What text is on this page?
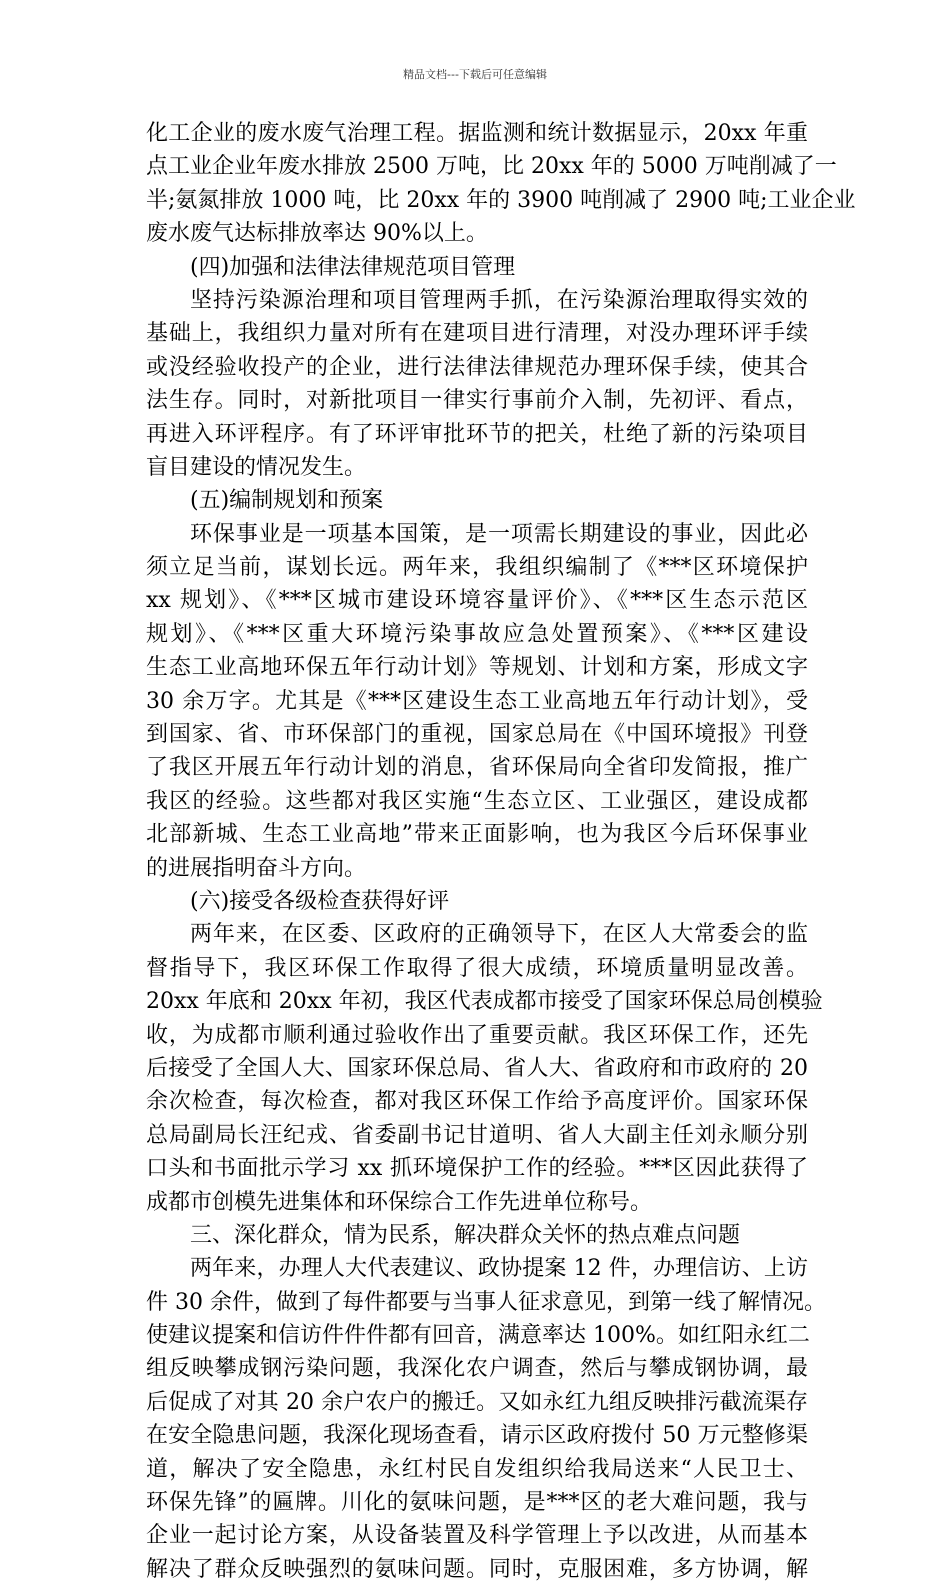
精品文档---下载后可任意编辑
化工企业的废水废气治理工程。据监测和统计数据显示，20xx 年重
点工业企业年废水排放 2500 万吨，比 20xx 年的 5000 万吨削减了一
半;氨氮排放 1000 吨，比 20xx 年的 3900 吨削减了 2900 吨;工业企业
废水废气达标排放率达 90%以上。
(四)加强和法律法律规范项目管理
坚持污染源治理和项目管理两手抓，在污染源治理取得实效的
基础上，我组织力量对所有在建项目进行清理，对没办理环评手续
或没经验收投产的企业，进行法律法律规范办理环保手续，使其合
法生存。同时，对新批项目一律实行事前介入制，先初评、看点，
再进入环评程序。有了环评审批环节的把关，杜绝了新的污染项目
盲目建设的情况发生。
(五)编制规划和预案
环保事业是一项基本国策，是一项需长期建设的事业，因此必
须立足当前，谋划长远。两年来，我组织编制了《***区环境保护
xx 规划》、《***区城市建设环境容量评价》、《***区生态示范区
规划》、《***区重大环境污染事故应急处置预案》、《***区建设
生态工业高地环保五年行动计划》等规划、计划和方案，形成文字
30 余万字。尤其是《***区建设生态工业高地五年行动计划》，受
到国家、省、市环保部门的重视，国家总局在《中国环境报》刊登
了我区开展五年行动计划的消息，省环保局向全省印发简报，推广
我区的经验。这些都对我区实施“生态立区、工业强区，建设成都
北部新城、生态工业高地”带来正面影响，也为我区今后环保事业
的进展指明奋斗方向。
(六)接受各级检查获得好评
两年来，在区委、区政府的正确领导下，在区人大常委会的监
督指导下，我区环保工作取得了很大成绩，环境质量明显改善。
20xx 年底和 20xx 年初，我区代表成都市接受了国家环保总局创模验
收，为成都市顺利通过验收作出了重要贡献。我区环保工作，还先
后接受了全国人大、国家环保总局、省人大、省政府和市政府的 20
余次检查，每次检查，都对我区环保工作给予高度评价。国家环保
总局副局长汪纪戎、省委副书记甘道明、省人大副主任刘永顺分别
口头和书面批示学习 xx 抓环境保护工作的经验。***区因此获得了
成都市创模先进集体和环保综合工作先进单位称号。
三、深化群众，情为民系，解决群众关怀的热点难点问题
两年来，办理人大代表建议、政协提案 12 件，办理信访、上访
件 30 余件，做到了每件都要与当事人征求意见，到第一线了解情况。
使建议提案和信访件件件都有回音，满意率达 100%。如红阳永红二
组反映攀成钢污染问题，我深化农户调查，然后与攀成钢协调，最
后促成了对其 20 余户农户的搬迁。又如永红九组反映排污截流渠存
在安全隐患问题，我深化现场查看，请示区政府拨付 50 万元整修渠
道，解决了安全隐患，永红村民自发组织给我局送来“人民卫士、
环保先锋”的匾牌。川化的氨味问题，是***区的老大难问题，我与
企业一起讨论方案，从设备装置及科学管理上予以改进，从而基本
解决了群众反映强烈的氨味问题。同时，克服困难，多方协调，解
